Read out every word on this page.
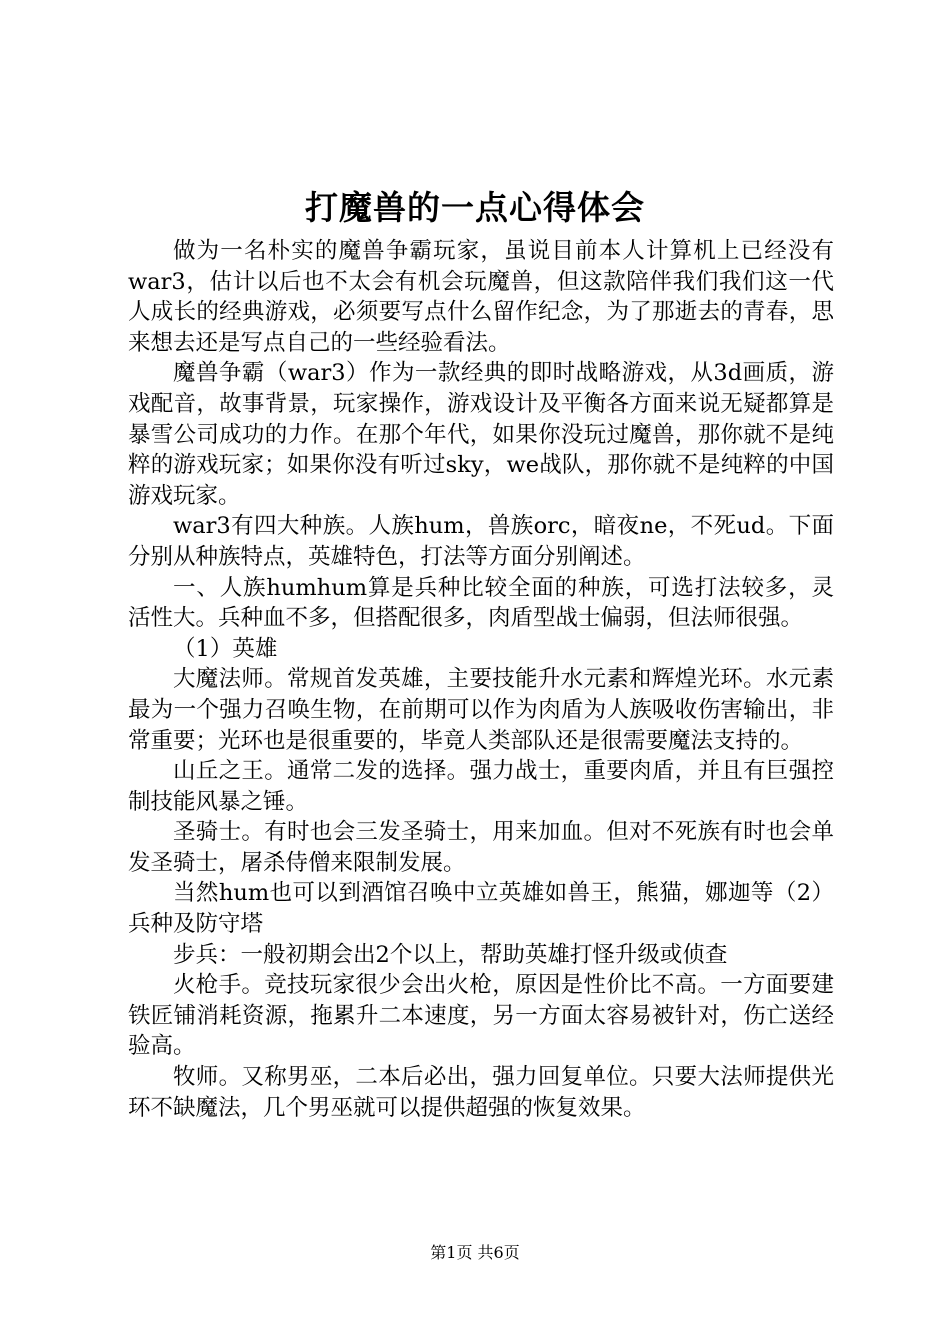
打魔兽的一点心得体会

做为一名朴实的魔兽争霸玩家，虽说目前本人计算机上已经没有war3，估计以后也不太会有机会玩魔兽，但这款陪伴我们我们这一代人成长的经典游戏，必须要写点什么留作纪念，为了那逝去的青春，思来想去还是写点自己的一些经验看法。

魔兽争霸（war3）作为一款经典的即时战略游戏，从3d画质，游戏配音，故事背景，玩家操作，游戏设计及平衡各方面来说无疑都算是暴雪公司成功的力作。在那个年代，如果你没玩过魔兽，那你就不是纯粹的游戏玩家；如果你没有听过sky，we战队，那你就不是纯粹的中国游戏玩家。

war3有四大种族。人族hum，兽族orc，暗夜ne，不死ud。下面分别从种族特点，英雄特色，打法等方面分别阐述。

一、人族humhum算是兵种比较全面的种族，可选打法较多，灵活性大。兵种血不多，但搭配很多，肉盾型战士偏弱，但法师很强。

（1）英雄

大魔法师。常规首发英雄，主要技能升水元素和辉煌光环。水元素最为一个强力召唤生物，在前期可以作为肉盾为人族吸收伤害输出，非常重要；光环也是很重要的，毕竟人类部队还是很需要魔法支持的。

山丘之王。通常二发的选择。强力战士，重要肉盾，并且有巨强控制技能风暴之锤。

圣骑士。有时也会三发圣骑士，用来加血。但对不死族有时也会单发圣骑士，屠杀侍僧来限制发展。

当然hum也可以到酒馆召唤中立英雄如兽王，熊猫，娜迦等（2）兵种及防守塔

步兵：一般初期会出2个以上，帮助英雄打怪升级或侦查

火枪手。竞技玩家很少会出火枪，原因是性价比不高。一方面要建铁匠铺消耗资源，拖累升二本速度，另一方面太容易被针对，伤亡送经验高。

牧师。又称男巫，二本后必出，强力回复单位。只要大法师提供光环不缺魔法，几个男巫就可以提供超强的恢复效果。

第1页 共6页
